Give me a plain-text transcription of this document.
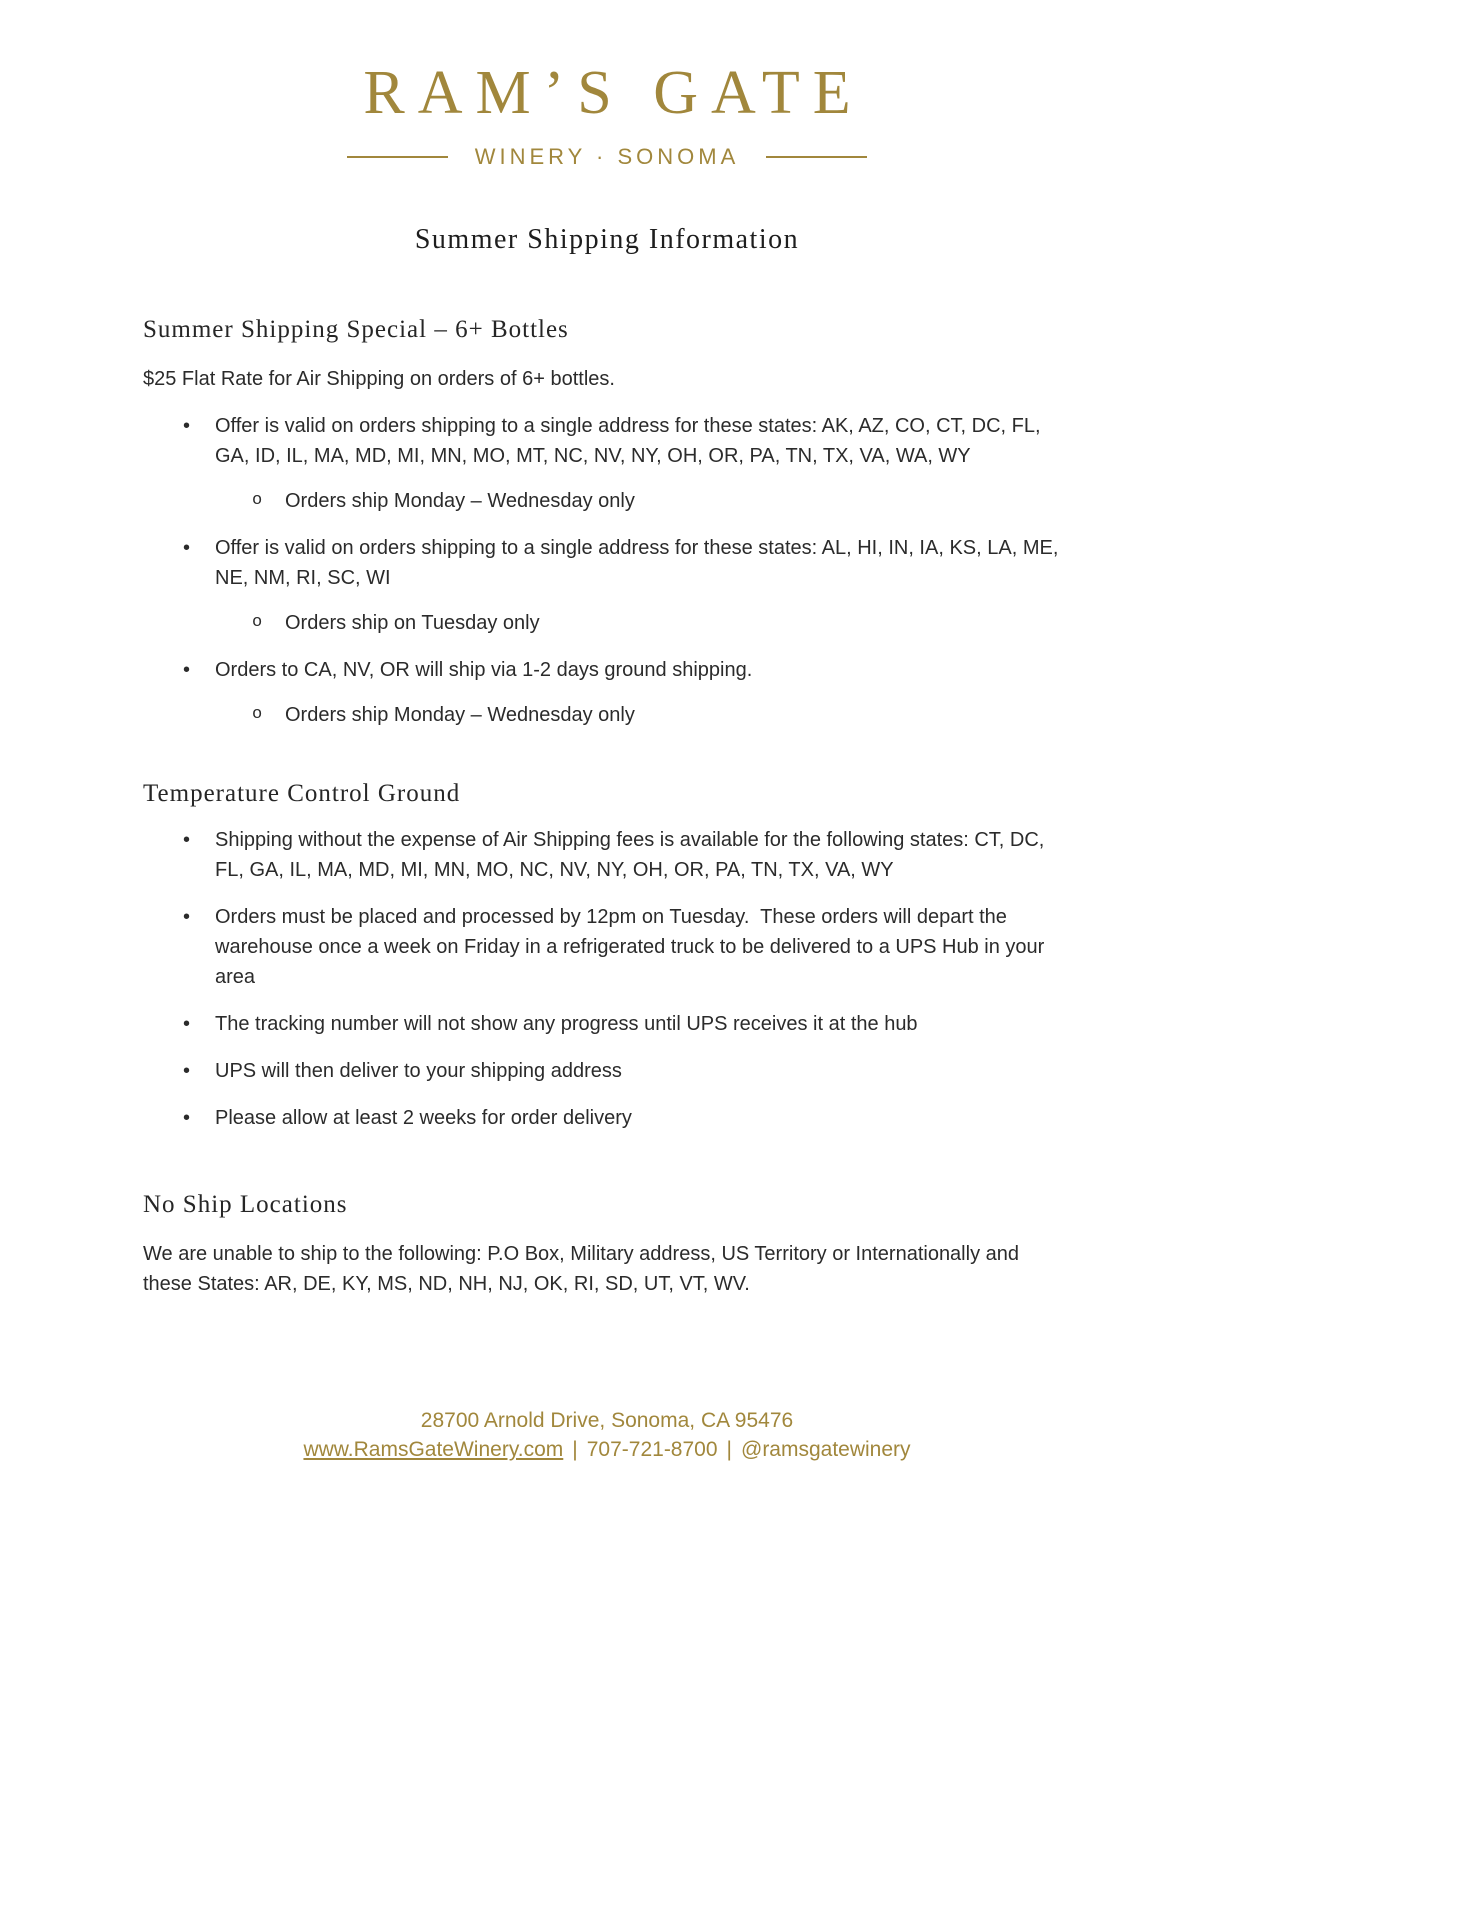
RAM’S GATE
WINERY · SONOMA
Summer Shipping Information
Summer Shipping Special – 6+ Bottles

$25 Flat Rate for Air Shipping on orders of 6+ bottles.

•	Offer is valid on orders shipping to a single address for these states: AK, AZ, CO, CT, DC, FL, GA, ID, IL, MA, MD, MI, MN, MO, MT, NC, NV, NY, OH, OR, PA, TN, TX, VA, WA, WY
o	Orders ship Monday – Wednesday only
•	Offer is valid on orders shipping to a single address for these states: AL, HI, IN, IA, KS, LA, ME, NE, NM, RI, SC, WI
o	Orders ship on Tuesday only
•	Orders to CA, NV, OR will ship via 1-2 days ground shipping.
o	Orders ship Monday – Wednesday only
Temperature Control Ground
•	Shipping without the expense of Air Shipping fees is available for the following states: CT, DC, FL, GA, IL, MA, MD, MI, MN, MO, NC, NV, NY, OH, OR, PA, TN, TX, VA, WY
•	Orders must be placed and processed by 12pm on Tuesday.  These orders will depart the warehouse once a week on Friday in a refrigerated truck to be delivered to a UPS Hub in your area
•	The tracking number will not show any progress until UPS receives it at the hub
•	UPS will then deliver to your shipping address
•	Please allow at least 2 weeks for order delivery
No Ship Locations

We are unable to ship to the following: P.O Box, Military address, US Territory or Internationally and these States: AR, DE, KY, MS, ND, NH, NJ, OK, RI, SD, UT, VT, WV.

28700 Arnold Drive, Sonoma, CA 95476
www.RamsGateWinery.com | 707-721-8700 | @ramsgatewinery
